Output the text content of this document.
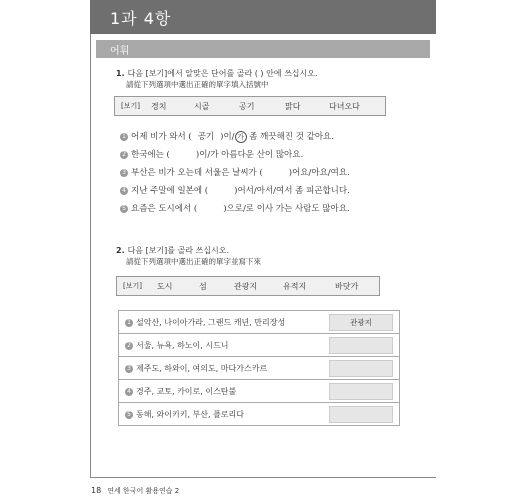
1과 4항
어휘
1. 다음 [보기]에서 알맞은 단어를 골라 ( ) 안에 쓰십시오.
請從下列選項中選出正確的單字填入括號中
[보기] 경치	시골	공기	맑다	다녀오다
1 어제 비가 와서 ( 공기 )이/ 가 좀 깨끗해진 것 같아요.
2 한국에는 (	)이/가 아름다운 산이 많아요.
3 부산은 비가 오는데 서울은 날씨가 (	)어요/아요/여요.
4 지난 주말에 일본에 (	)어서/아서/여서 좀 피곤합니다.
5 요즘은 도시에서 (	)으로/로 이사 가는 사람도 많아요.
2. 다음 [보기]를 골라 쓰십시오.
請從下列選項中選出正確的單字並寫下來
[보기] 도시	섬	관광지	유적지	바닷가
1 설악산, 나이아가라, 그랜드 캐년, 만리장성	관광지
2 서울, 뉴욕, 하노이, 시드니
3 제주도, 하와이, 여의도, 마다가스카르
4 경주, 교토, 카이로, 이스탄불
5 동해, 와이키키, 부산, 플로리다
18 연세 한국어 활용연습 2
